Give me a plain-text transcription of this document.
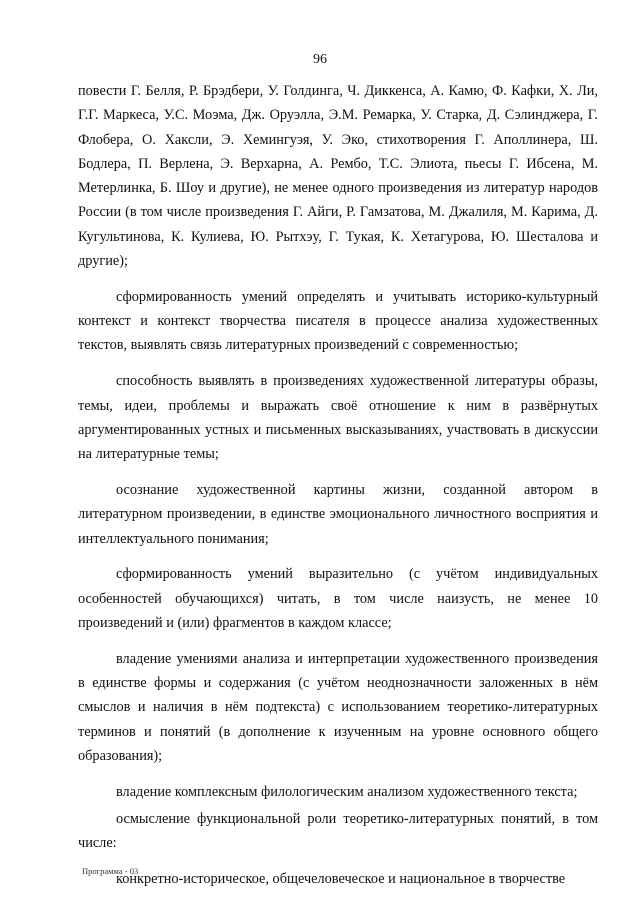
96

повести Г. Белля, Р. Брэдбери, У. Голдинга, Ч. Диккенса, А. Камю, Ф. Кафки, Х. Ли, Г.Г. Маркеса, У.С. Моэма, Дж. Оруэлла, Э.М. Ремарка, У. Старка, Д. Сэлинджера, Г. Флобера, О. Хаксли, Э. Хемингуэя, У. Эко, стихотворения Г. Аполлинера, Ш. Бодлера, П. Верлена, Э. Верхарна, А. Рембо, Т.С. Элиота, пьесы Г. Ибсена, М. Метерлинка, Б. Шоу и другие), не менее одного произведения из литератур народов России (в том числе произведения Г. Айги, Р. Гамзатова, М. Джалиля, М. Карима, Д. Кугультинова, К. Кулиева, Ю. Рытхэу, Г. Тукая, К. Хетагурова, Ю. Шесталова и другие);

сформированность умений определять и учитывать историко-культурный контекст и контекст творчества писателя в процессе анализа художественных текстов, выявлять связь литературных произведений с современностью;

способность выявлять в произведениях художественной литературы образы, темы, идеи, проблемы и выражать своё отношение к ним в развёрнутых аргументированных устных и письменных высказываниях, участвовать в дискуссии на литературные темы;

осознание художественной картины жизни, созданной автором в литературном произведении, в единстве эмоционального личностного восприятия и интеллектуального понимания;

сформированность умений выразительно (с учётом индивидуальных особенностей обучающихся) читать, в том числе наизусть, не менее 10 произведений и (или) фрагментов в каждом классе;

владение умениями анализа и интерпретации художественного произведения в единстве формы и содержания (с учётом неоднозначности заложенных в нём смыслов и наличия в нём подтекста) с использованием теоретико-литературных терминов и понятий (в дополнение к изученным на уровне основного общего образования);

владение комплексным филологическим анализом художественного текста;

осмысление функциональной роли теоретико-литературных понятий, в том числе:

конкретно-историческое, общечеловеческое и национальное в творчестве

Программа - 03
